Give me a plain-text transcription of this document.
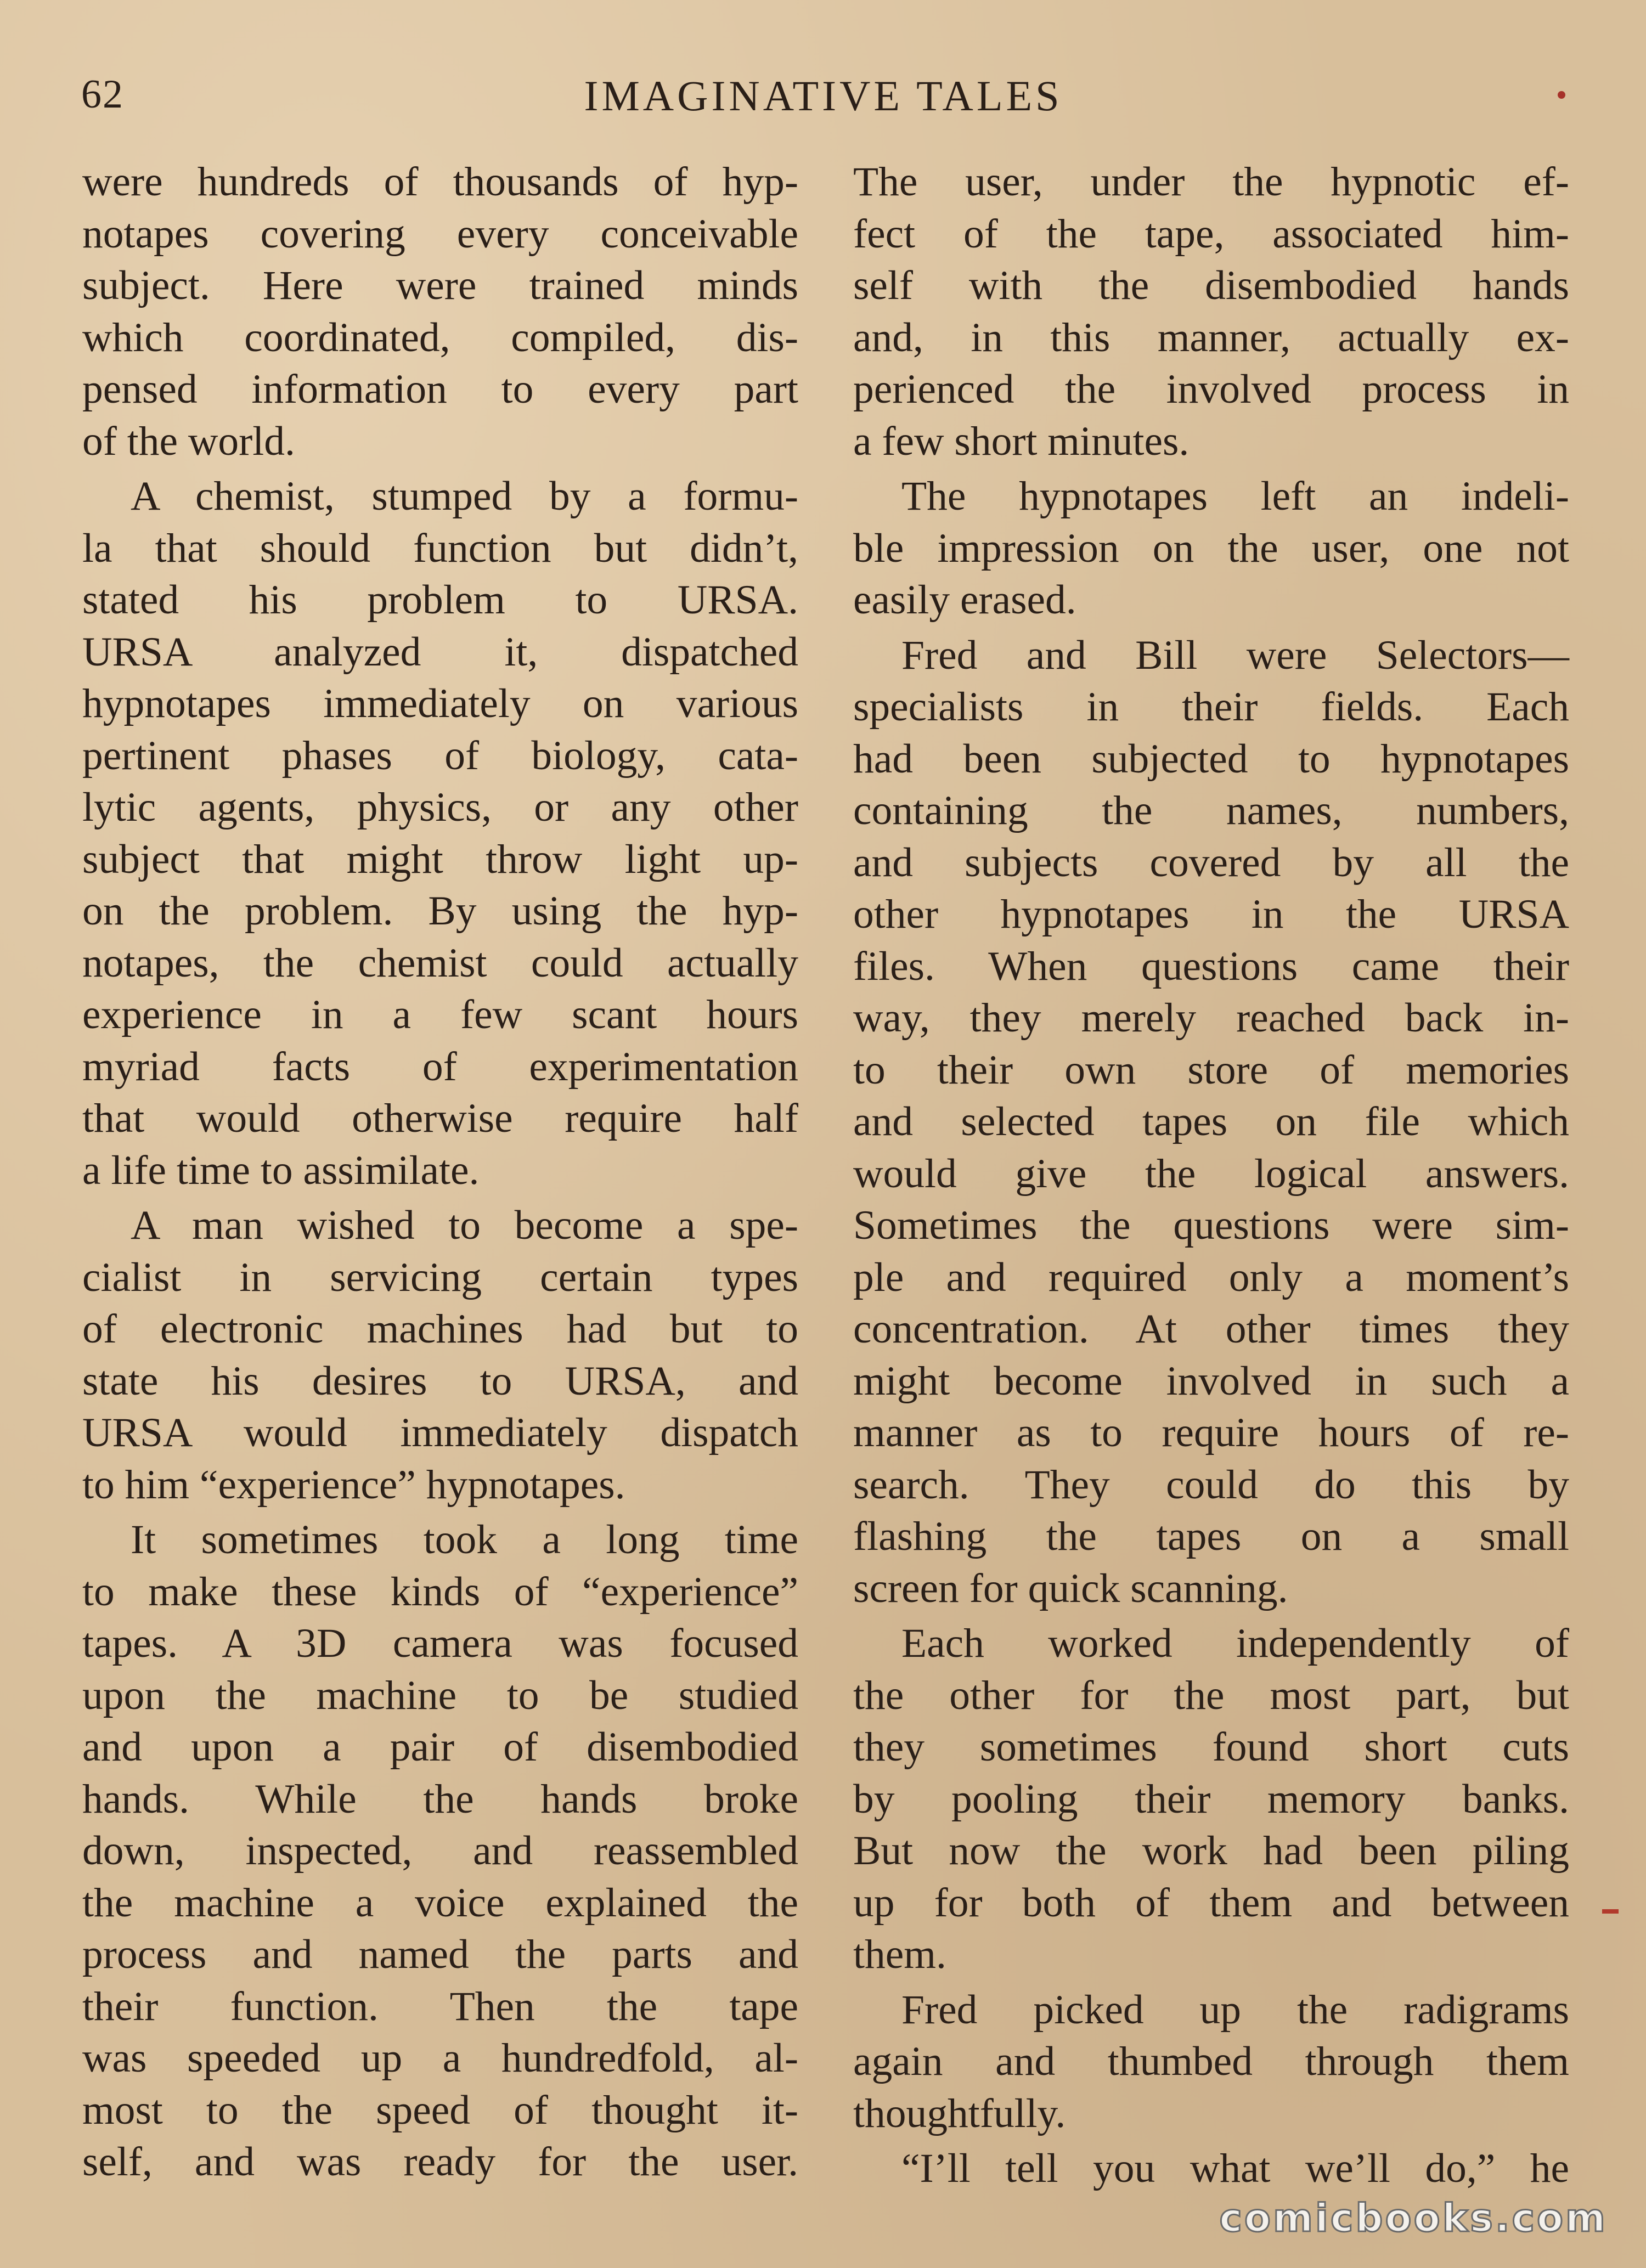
62	IMAGINATIVE TALES
were hundreds of thousands of hyp-
notapes covering every conceivable
subject. Here were trained minds
which coordinated, compiled, dis-
pensed information to every part
of the world.
A chemist, stumped by a formu-
la that should function but didn’t,
stated his problem to URSA.
URSA analyzed it, dispatched
hypnotapes immediately on various
pertinent phases of biology, cata-
lytic agents, physics, or any other
subject that might throw light up-
on the problem. By using the hyp-
notapes, the chemist could actually
experience in a few scant hours
myriad facts of experimentation
that would otherwise require half
a life time to assimilate.
A man wished to become a spe-
cialist in servicing certain types
of electronic machines had but to
state his desires to URSA, and
URSA would immediately dispatch
to him “experience” hypnotapes.
It sometimes took a long time
to make these kinds of “experience”
tapes. A 3D camera was focused
upon the machine to be studied
and upon a pair of disembodied
hands. While the hands broke
down, inspected, and reassembled
the machine a voice explained the
process and named the parts and
their function. Then the tape
was speeded up a hundredfold, al-
most to the speed of thought it-
self, and was ready for the user.
The user, under the hypnotic ef-
fect of the tape, associated him-
self with the disembodied hands
and, in this manner, actually ex-
perienced the involved process in
a few short minutes.
The hypnotapes left an indeli-
ble impression on the user, one not
easily erased.
Fred and Bill were Selectors—
specialists in their fields. Each
had been subjected to hypnotapes
containing the names, numbers,
and subjects covered by all the
other hypnotapes in the URSA
files. When questions came their
way, they merely reached back in-
to their own store of memories
and selected tapes on file which
would give the logical answers.
Sometimes the questions were sim-
ple and required only a moment’s
concentration. At other times they
might become involved in such a
manner as to require hours of re-
search. They could do this by
flashing the tapes on a small
screen for quick scanning.
Each worked independently of
the other for the most part, but
they sometimes found short cuts
by pooling their memory banks.
But now the work had been piling
up for both of them and between
them.
Fred picked up the radigrams
again and thumbed through them
thoughtfully.
“I’ll tell you what we’ll do,” he
comicbooks.com
